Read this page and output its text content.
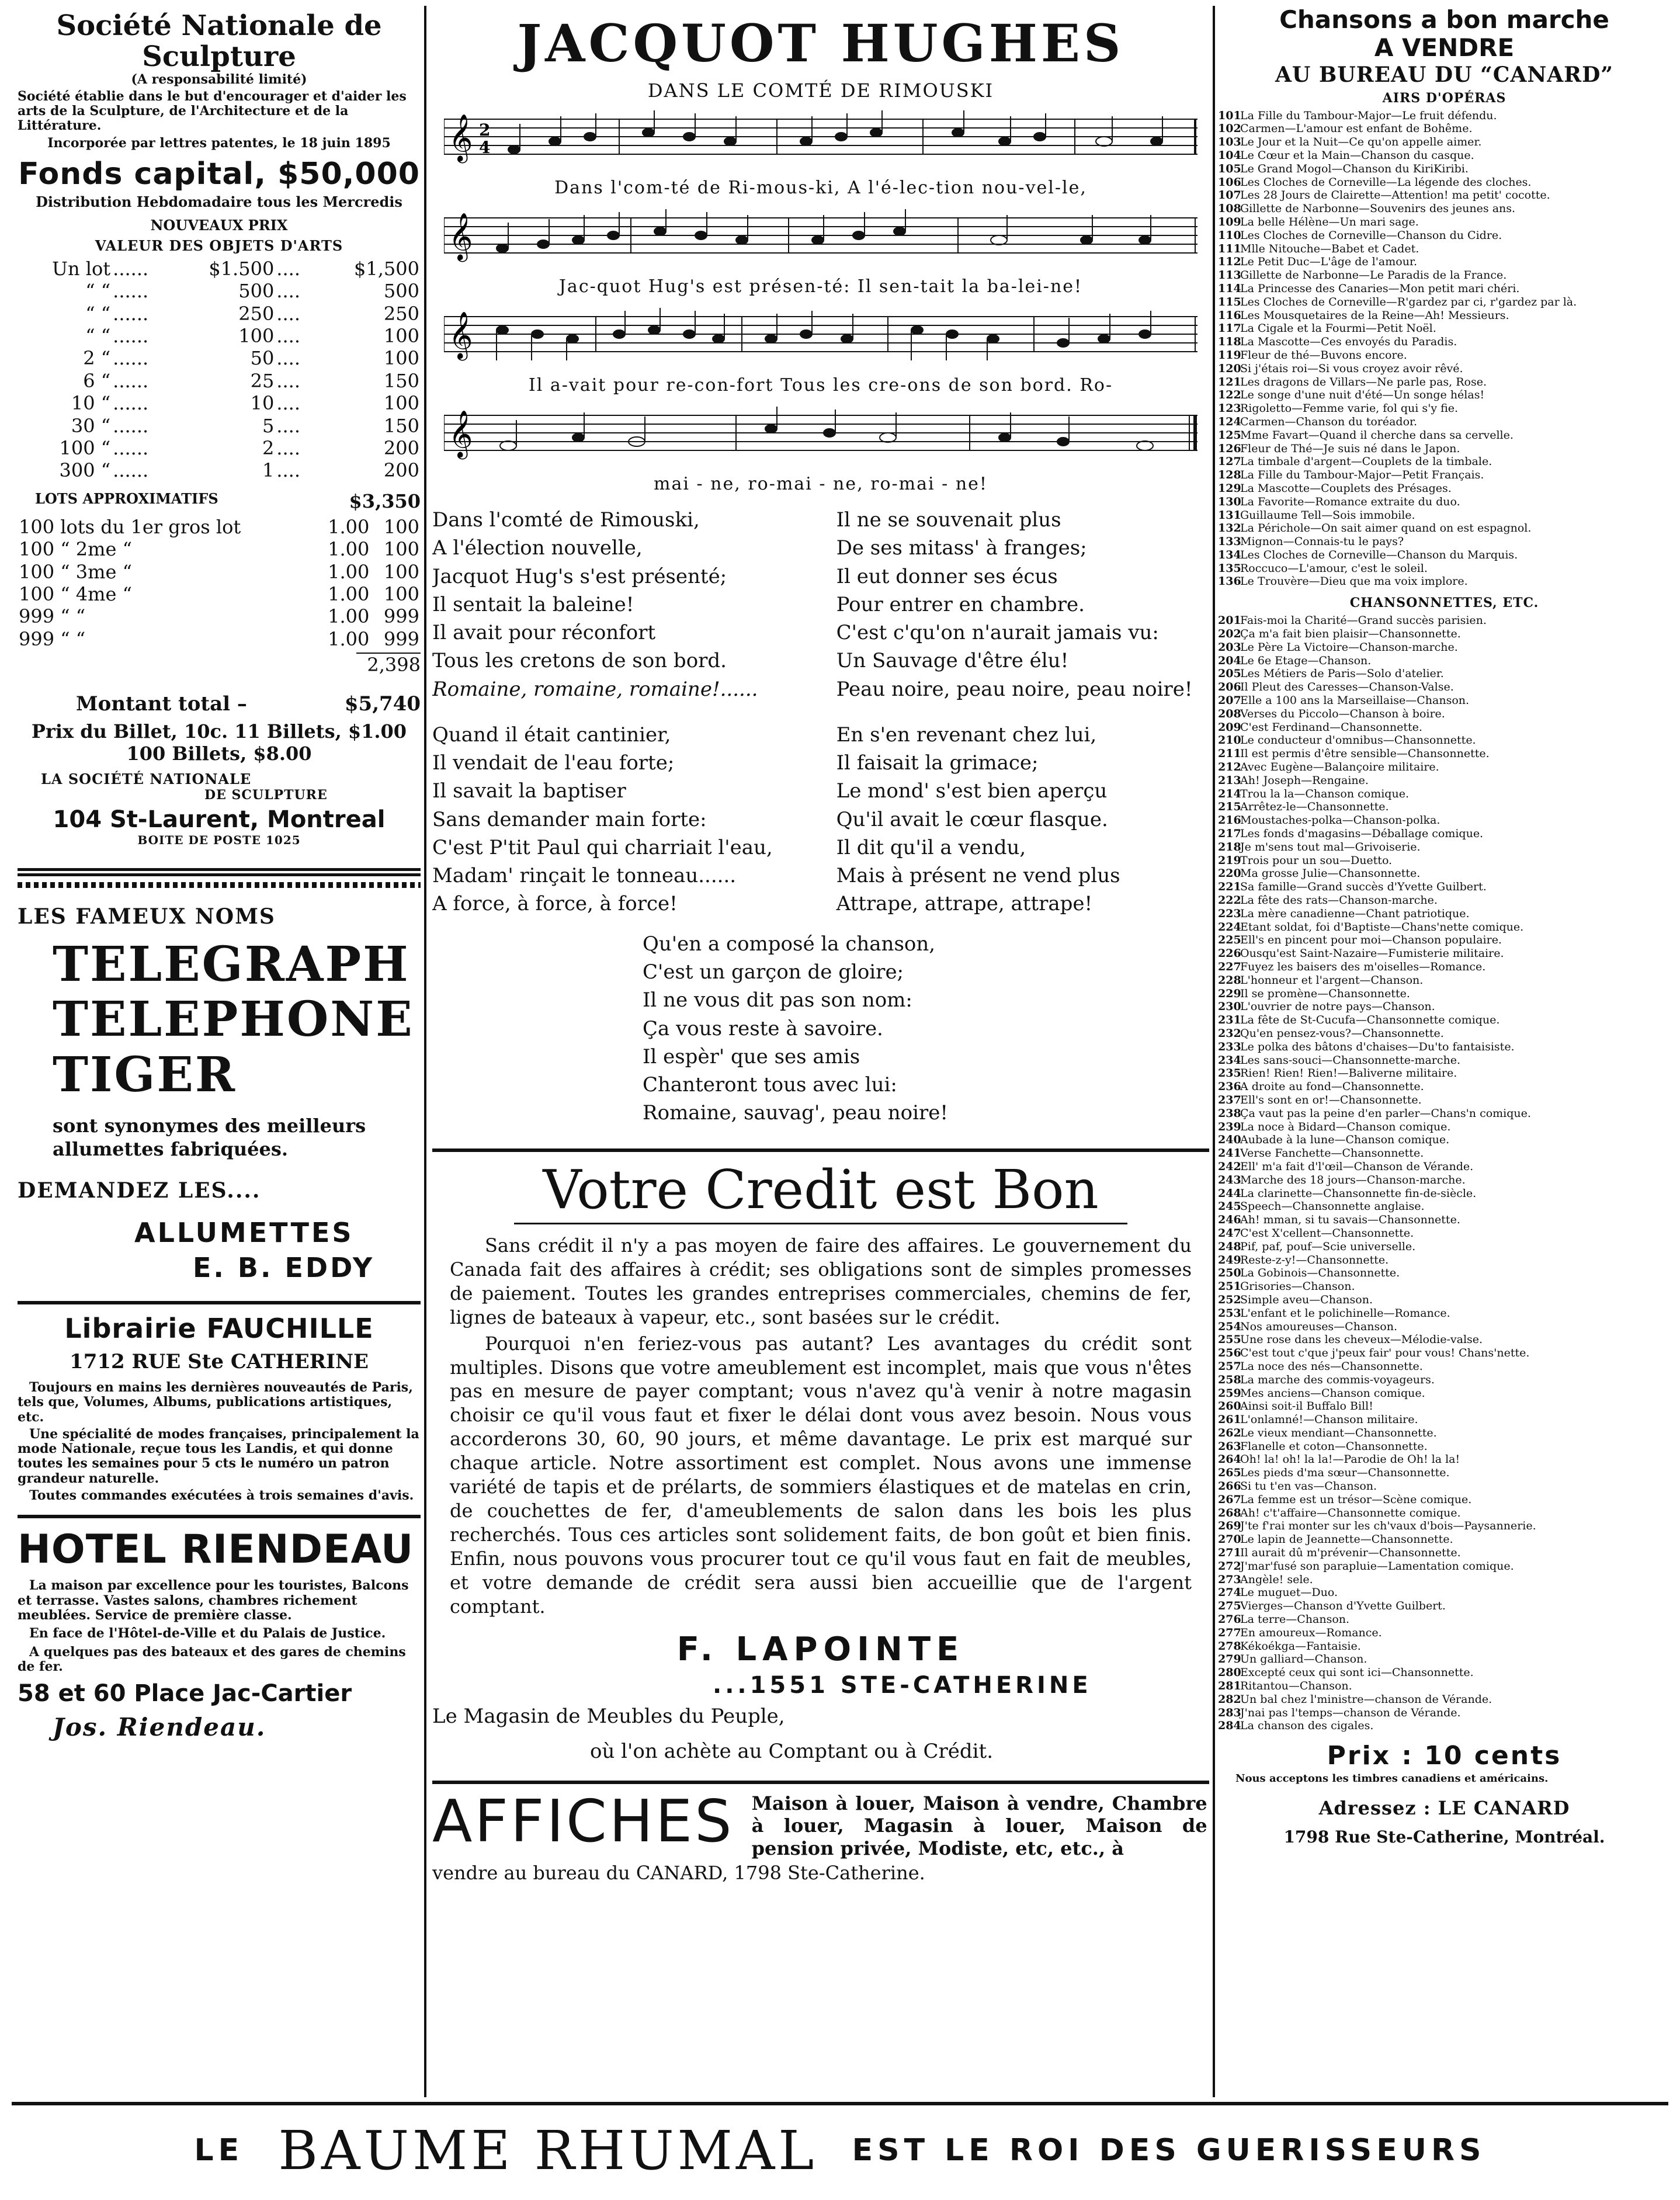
Société Nationale de Sculpture
(A responsabilité limité)
Société établie dans le but d'encourager et d'aider les arts de la Sculpture, de l'Architecture et de la Littérature.
Incorporée par lettres patentes, le 18 juin 1895
Fonds capital, $50,000
Distribution Hebdomadaire tous les Mercredis
NOUVEAUX PRIX
VALEUR DES OBJETS D'ARTS
Un lot	......	$1.500	....	$1,500
“ “	......	500	....	500
“ “	......	250	....	250
“ “	......	100	....	100
2 “	......	50	....	100
6 “	......	25	....	150
10 “	......	10	....	100
30 “	......	5	....	150
100 “	......	2	....	200
300 “	......	1	....	200
LOTS APPROXIMATIFS	$3,350
100 lots du 1er gros lot	1.00	100
100 “ 2me “	1.00	100
100 “ 3me “	1.00	100
100 “ 4me “	1.00	100
999 “ “	1.00	999
999 “ “	1.00	999
2,398
Montant total –	$5,740
Prix du Billet, 10c. 11 Billets, $1.00
100 Billets, $8.00
LA SOCIÉTÉ NATIONALE
DE SCULPTURE
104 St-Laurent, Montreal
BOITE DE POSTE 1025
LES FAMEUX NOMS
TELEGRAPH
TELEPHONE
TIGER
sont synonymes des meilleurs allumettes fabriquées.
DEMANDEZ LES....
ALLUMETTES
E. B. EDDY
Librairie FAUCHILLE
1712 RUE Ste CATHERINE
Toujours en mains les dernières nouveautés de Paris, tels que, Volumes, Albums, publications artistiques, etc.
Une spécialité de modes françaises, principalement la mode Nationale, reçue tous les Landis, et qui donne toutes les semaines pour 5 cts le numéro un patron grandeur naturelle.
Toutes commandes exécutées à trois semaines d'avis.
HOTEL RIENDEAU
La maison par excellence pour les touristes, Balcons et terrasse. Vastes salons, chambres richement meublées. Service de première classe.
En face de l'Hôtel-de-Ville et du Palais de Justice.
A quelques pas des bateaux et des gares de chemins de fer.
58 et 60 Place Jac-Cartier
Jos. Riendeau.
JACQUOT HUGHES
DANS LE COMTÉ DE RIMOUSKI
𝄞 2
4
Dans l'com-té de Ri-mous-ki, A l'é-lec-tion nou-vel-le,
𝄞
Jac-quot Hug's est présen-té: Il sen-tait la ba-lei-ne!
𝄞
Il a-vait pour re-con-fort Tous les cre-ons de son bord. Ro-
𝄞
mai - ne, ro-mai - ne, ro-mai - ne!
Dans l'comté de Rimouski,
A l'élection nouvelle,
Jacquot Hug's s'est présenté;
Il sentait la baleine!
Il avait pour réconfort
Tous les cretons de son bord.
Romaine, romaine, romaine!......
Il ne se souvenait plus
De ses mitass' à franges;
Il eut donner ses écus
Pour entrer en chambre.
C'est c'qu'on n'aurait jamais vu:
Un Sauvage d'être élu!
Peau noire, peau noire, peau noire!
Quand il était cantinier,
Il vendait de l'eau forte;
Il savait la baptiser
Sans demander main forte:
C'est P'tit Paul qui charriait l'eau,
Madam' rinçait le tonneau......
A force, à force, à force!
En s'en revenant chez lui,
Il faisait la grimace;
Le mond' s'est bien aperçu
Qu'il avait le cœur flasque.
Il dit qu'il a vendu,
Mais à présent ne vend plus
Attrape, attrape, attrape!
Qu'en a composé la chanson,
C'est un garçon de gloire;
Il ne vous dit pas son nom:
Ça vous reste à savoire.
Il espèr' que ses amis
Chanteront tous avec lui:
Romaine, sauvag', peau noire!
Votre Credit est Bon
Sans crédit il n'y a pas moyen de faire des affaires. Le gouvernement du Canada fait des affaires à crédit; ses obligations sont de simples promesses de paiement. Toutes les grandes entreprises commerciales, chemins de fer, lignes de bateaux à vapeur, etc., sont basées sur le crédit.
Pourquoi n'en feriez-vous pas autant? Les avantages du crédit sont multiples. Disons que votre ameublement est incomplet, mais que vous n'êtes pas en mesure de payer comptant; vous n'avez qu'à venir à notre magasin choisir ce qu'il vous faut et fixer le délai dont vous avez besoin. Nous vous accorderons 30, 60, 90 jours, et même davantage. Le prix est marqué sur chaque article. Notre assortiment est complet. Nous avons une immense variété de tapis et de prélarts, de sommiers élastiques et de matelas en crin, de couchettes de fer, d'ameublements de salon dans les bois les plus recherchés. Tous ces articles sont solidement faits, de bon goût et bien finis. Enfin, nous pouvons vous procurer tout ce qu'il vous faut en fait de meubles, et votre demande de crédit sera aussi bien accueillie que de l'argent comptant.
F. LAPOINTE
...1551 STE-CATHERINE
Le Magasin de Meubles du Peuple,
où l'on achète au Comptant ou à Crédit.
AFFICHES Maison à louer, Maison à vendre, Chambre à louer, Magasin à louer, Maison de pension privée, Modiste, etc, etc., à
vendre au bureau du CANARD, 1798 Ste-Catherine.
Chansons a bon marche
A VENDRE
AU BUREAU DU “CANARD”
AIRS D'OPÉRAS
101La Fille du Tambour-Major—Le fruit défendu.
102Carmen—L'amour est enfant de Bohême.
103Le Jour et la Nuit—Ce qu'on appelle aimer.
104Le Cœur et la Main—Chanson du casque.
105Le Grand Mogol—Chanson du KiriKiribi.
106Les Cloches de Corneville—La légende des cloches.
107Les 28 Jours de Clairette—Attention! ma petit' cocotte.
108Gillette de Narbonne—Souvenirs des jeunes ans.
109La belle Hélène—Un mari sage.
110Les Cloches de Corneville—Chanson du Cidre.
111Mlle Nitouche—Babet et Cadet.
112Le Petit Duc—L'âge de l'amour.
113Gillette de Narbonne—Le Paradis de la France.
114La Princesse des Canaries—Mon petit mari chéri.
115Les Cloches de Corneville—R'gardez par ci, r'gardez par là.
116Les Mousquetaires de la Reine—Ah! Messieurs.
117La Cigale et la Fourmi—Petit Noël.
118La Mascotte—Ces envoyés du Paradis.
119Fleur de thé—Buvons encore.
120Si j'étais roi—Si vous croyez avoir rêvé.
121Les dragons de Villars—Ne parle pas, Rose.
122Le songe d'une nuit d'été—Un songe hélas!
123Rigoletto—Femme varie, fol qui s'y fie.
124Carmen—Chanson du toréador.
125Mme Favart—Quand il cherche dans sa cervelle.
126Fleur de Thé—Je suis né dans le Japon.
127La timbale d'argent—Couplets de la timbale.
128La Fille du Tambour-Major—Petit Français.
129La Mascotte—Couplets des Présages.
130La Favorite—Romance extraite du duo.
131Guillaume Tell—Sois immobile.
132La Périchole—On sait aimer quand on est espagnol.
133Mignon—Connais-tu le pays?
134Les Cloches de Corneville—Chanson du Marquis.
135Roccuco—L'amour, c'est le soleil.
136Le Trouvère—Dieu que ma voix implore.
CHANSONNETTES, ETC.
201Fais-moi la Charité—Grand succès parisien.
202Ça m'a fait bien plaisir—Chansonnette.
203Le Père La Victoire—Chanson-marche.
204Le 6e Etage—Chanson.
205Les Métiers de Paris—Solo d'atelier.
206Il Pleut des Caresses—Chanson-Valse.
207Elle a 100 ans la Marseillaise—Chanson.
208Verses du Piccolo—Chanson à boire.
209C'est Ferdinand—Chansonnette.
210Le conducteur d'omnibus—Chansonnette.
211Il est permis d'être sensible—Chansonnette.
212Avec Eugène—Balançoire militaire.
213Ah! Joseph—Rengaine.
214Trou la la—Chanson comique.
215Arrêtez-le—Chansonnette.
216Moustaches-polka—Chanson-polka.
217Les fonds d'magasins—Déballage comique.
218Je m'sens tout mal—Grivoiserie.
219Trois pour un sou—Duetto.
220Ma grosse Julie—Chansonnette.
221Sa famille—Grand succès d'Yvette Guilbert.
222La fête des rats—Chanson-marche.
223La mère canadienne—Chant patriotique.
224Etant soldat, foi d'Baptiste—Chans'nette comique.
225Ell's en pincent pour moi—Chanson populaire.
226Ousqu'est Saint-Nazaire—Fumisterie militaire.
227Fuyez les baisers des m'oiselles—Romance.
228L'honneur et l'argent—Chanson.
229Il se promène—Chansonnette.
230L'ouvrier de notre pays—Chanson.
231La fête de St-Cucufa—Chansonnette comique.
232Qu'en pensez-vous?—Chansonnette.
233Le polka des bâtons d'chaises—Du'to fantaisiste.
234Les sans-souci—Chansonnette-marche.
235Rien! Rien! Rien!—Baliverne militaire.
236A droite au fond—Chansonnette.
237Ell's sont en or!—Chansonnette.
238Ça vaut pas la peine d'en parler—Chans'n comique.
239La noce à Bidard—Chanson comique.
240Aubade à la lune—Chanson comique.
241Verse Fanchette—Chansonnette.
242Ell' m'a fait d'l'œil—Chanson de Vérande.
243Marche des 18 jours—Chanson-marche.
244La clarinette—Chansonnette fin-de-siècle.
245Speech—Chansonnette anglaise.
246Ah! mman, si tu savais—Chansonnette.
247C'est X'cellent—Chansonnette.
248Pif, paf, pouf—Scie universelle.
249Reste-z-y!—Chansonnette.
250La Gobinois—Chansonnette.
251Grisories—Chanson.
252Simple aveu—Chanson.
253L'enfant et le polichinelle—Romance.
254Nos amoureuses—Chanson.
255Une rose dans les cheveux—Mélodie-valse.
256C'est tout c'que j'peux fair' pour vous! Chans'nette.
257La noce des nés—Chansonnette.
258La marche des commis-voyageurs.
259Mes anciens—Chanson comique.
260Ainsi soit-il Buffalo Bill!
261L'onlamné!—Chanson militaire.
262Le vieux mendiant—Chansonnette.
263Flanelle et coton—Chansonnette.
264Oh! la! oh! la la!—Parodie de Oh! la la!
265Les pieds d'ma sœur—Chansonnette.
266Si tu t'en vas—Chanson.
267La femme est un trésor—Scène comique.
268Ah! c't'affaire—Chansonnette comique.
269J'te f'rai monter sur les ch'vaux d'bois—Paysannerie.
270Le lapin de Jeannette—Chansonnette.
271Il aurait dû m'prévenir—Chansonnette.
272J'mar'fusé son parapluie—Lamentation comique.
273Angèle! sele.
274Le muguet—Duo.
275Vierges—Chanson d'Yvette Guilbert.
276La terre—Chanson.
277En amoureux—Romance.
278Kékoékga—Fantaisie.
279Un galliard—Chanson.
280Excepté ceux qui sont ici—Chansonnette.
281Ritantou—Chanson.
282Un bal chez l'ministre—chanson de Vérande.
283J'nai pas l'temps—chanson de Vérande.
284La chanson des cigales.
Prix : 10 cents
Nous acceptons les timbres canadiens et américains.
Adressez : LE CANARD
1798 Rue Ste-Catherine, Montréal.
LE BAUME RHUMAL EST LE ROI DES GUERISSEURS
